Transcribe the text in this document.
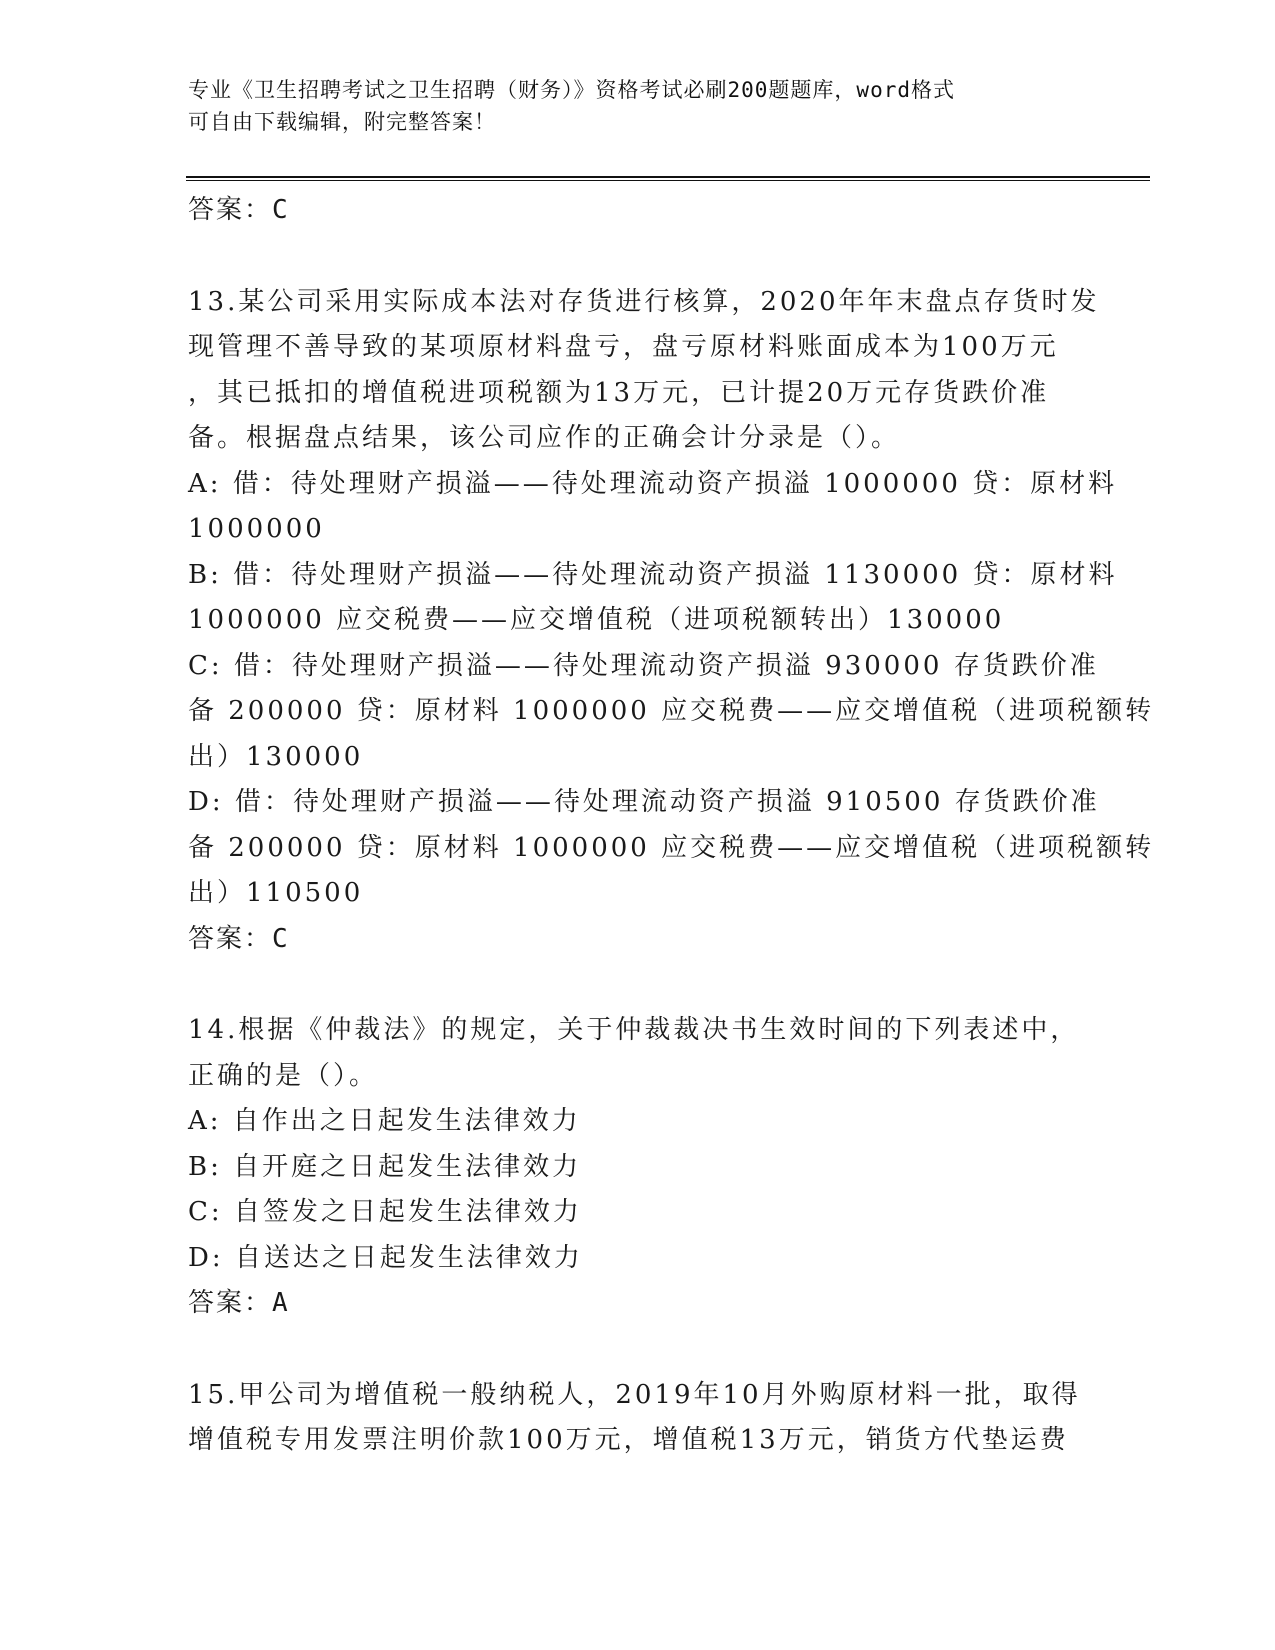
专业《卫生招聘考试之卫生招聘（财务）》资格考试必刷200题题库，word格式
可自由下载编辑，附完整答案！
答案：C
13.某公司采用实际成本法对存货进行核算，2020年年末盘点存货时发
现管理不善导致的某项原材料盘亏，盘亏原材料账面成本为100万元
，其已抵扣的增值税进项税额为13万元，已计提20万元存货跌价准
备。根据盘点结果，该公司应作的正确会计分录是（）。
A: 借：待处理财产损溢——待处理流动资产损溢 1000000 贷：原材料
1000000
B: 借：待处理财产损溢——待处理流动资产损溢 1130000 贷：原材料
1000000 应交税费——应交增值税（进项税额转出）130000
C: 借：待处理财产损溢——待处理流动资产损溢 930000 存货跌价准
备 200000 贷：原材料 1000000 应交税费——应交增值税（进项税额转
出）130000
D: 借：待处理财产损溢——待处理流动资产损溢 910500 存货跌价准
备 200000 贷：原材料 1000000 应交税费——应交增值税（进项税额转
出）110500
答案：C
14.根据《仲裁法》的规定，关于仲裁裁决书生效时间的下列表述中，
正确的是（）。
A: 自作出之日起发生法律效力
B: 自开庭之日起发生法律效力
C: 自签发之日起发生法律效力
D: 自送达之日起发生法律效力
答案：A
15.甲公司为增值税一般纳税人，2019年10月外购原材料一批，取得
增值税专用发票注明价款100万元，增值税13万元，销货方代垫运费
